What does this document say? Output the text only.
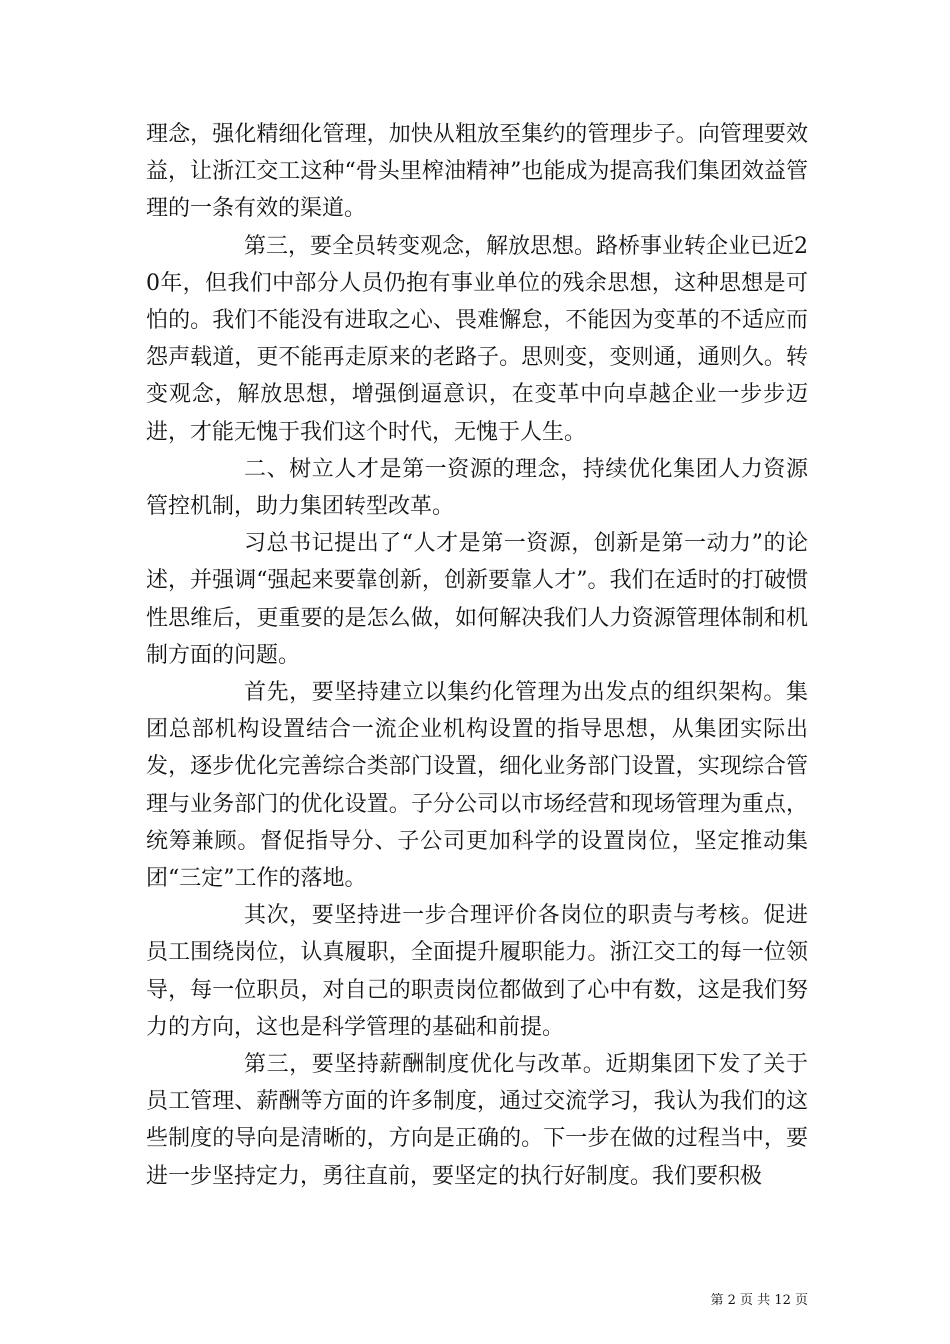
理念，强化精细化管理，加快从粗放至集约的管理步子。向管理要效益，让浙江交工这种“骨头里榨油精神”也能成为提高我们集团效益管理的一条有效的渠道。

第三，要全员转变观念，解放思想。路桥事业转企业已近20年，但我们中部分人员仍抱有事业单位的残余思想，这种思想是可怕的。我们不能没有进取之心、畏难懈怠，不能因为变革的不适应而怨声载道，更不能再走原来的老路子。思则变，变则通，通则久。转变观念，解放思想，增强倒逼意识，在变革中向卓越企业一步步迈进，才能无愧于我们这个时代，无愧于人生。

二、树立人才是第一资源的理念，持续优化集团人力资源管控机制，助力集团转型改革。

习总书记提出了“人才是第一资源，创新是第一动力”的论述，并强调“强起来要靠创新，创新要靠人才”。我们在适时的打破惯性思维后，更重要的是怎么做，如何解决我们人力资源管理体制和机制方面的问题。

首先，要坚持建立以集约化管理为出发点的组织架构。集团总部机构设置结合一流企业机构设置的指导思想，从集团实际出发，逐步优化完善综合类部门设置，细化业务部门设置，实现综合管理与业务部门的优化设置。子分公司以市场经营和现场管理为重点，统筹兼顾。督促指导分、子公司更加科学的设置岗位，坚定推动集团“三定”工作的落地。

其次，要坚持进一步合理评价各岗位的职责与考核。促进员工围绕岗位，认真履职，全面提升履职能力。浙江交工的每一位领导，每一位职员，对自己的职责岗位都做到了心中有数，这是我们努力的方向，这也是科学管理的基础和前提。

第三，要坚持薪酬制度优化与改革。近期集团下发了关于员工管理、薪酬等方面的许多制度，通过交流学习，我认为我们的这些制度的导向是清晰的，方向是正确的。下一步在做的过程当中，要进一步坚持定力，勇往直前，要坚定的执行好制度。我们要积极

第 2 页 共 12 页
